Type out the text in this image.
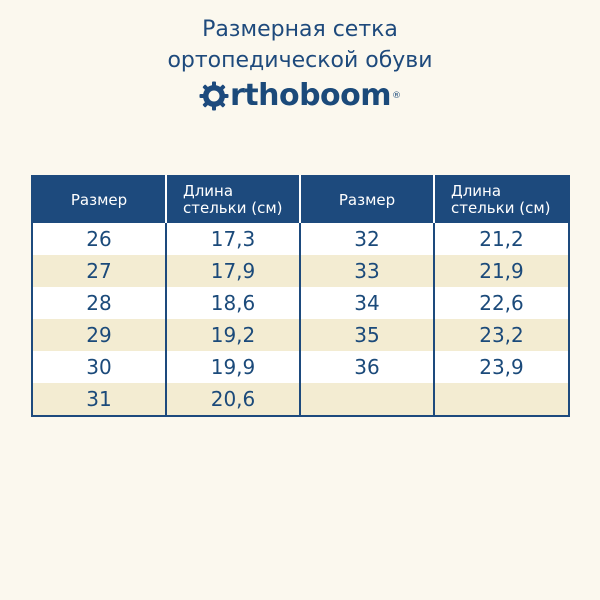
Размерная сетка
ортопедической обуви
rthoboom ®
Размер	Длина стельки (см)	Размер	Длина стельки (см)
26	17,3	32	21,2
27	17,9	33	21,9
28	18,6	34	22,6
29	19,2	35	23,2
30	19,9	36	23,9
31	20,6		
